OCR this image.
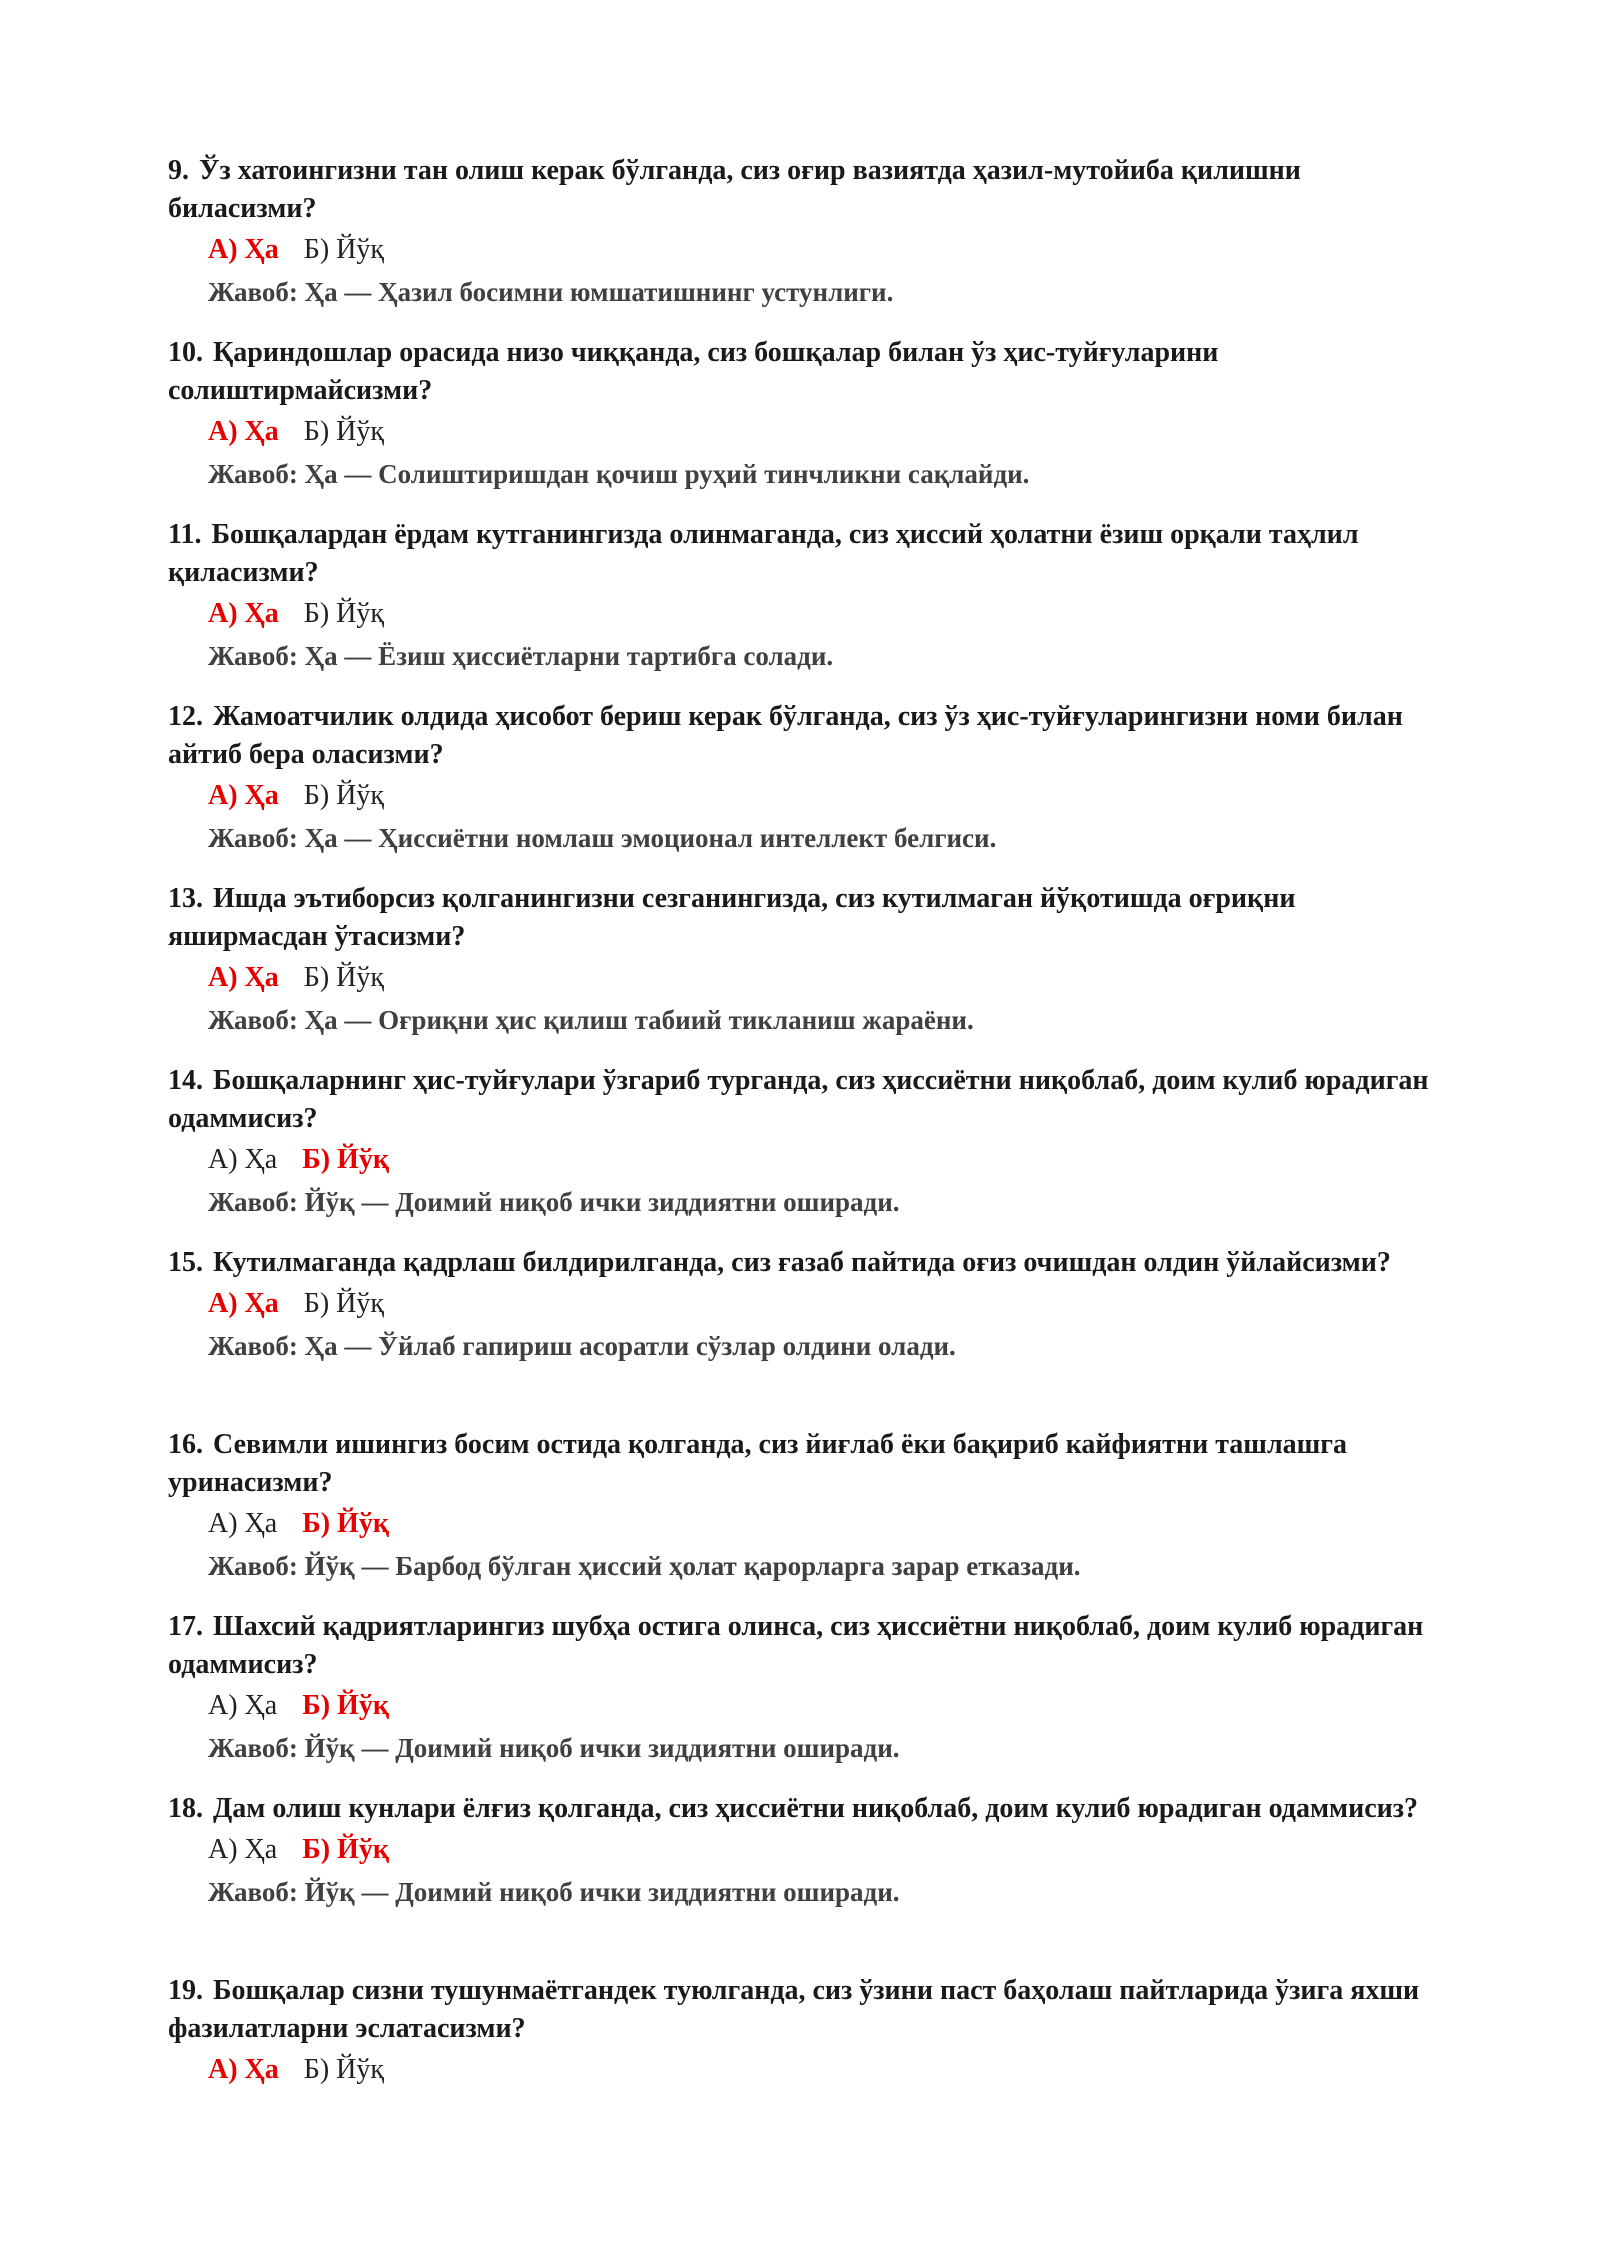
9. Ўз хатоингизни тан олиш керак бўлганда, сиз оғир вазиятда ҳазил-мутойиба қилишни биласизми?

А) Ҳа Б) Йўқ
Жавоб: Ҳа — Ҳазил босимни юмшатишнинг устунлиги.

10. Қариндошлар орасида низо чиққанда, сиз бошқалар билан ўз ҳис-туйғуларини солиштирмайсизми?

А) Ҳа Б) Йўқ
Жавоб: Ҳа — Солиштиришдан қочиш руҳий тинчликни сақлайди.

11. Бошқалардан ёрдам кутганингизда олинмаганда, сиз ҳиссий ҳолатни ёзиш орқали таҳлил қиласизми?

А) Ҳа Б) Йўқ
Жавоб: Ҳа — Ёзиш ҳиссиётларни тартибга солади.

12. Жамоатчилик олдида ҳисобот бериш керак бўлганда, сиз ўз ҳис-туйғуларингизни номи билан айтиб бера оласизми?

А) Ҳа Б) Йўқ
Жавоб: Ҳа — Ҳиссиётни номлаш эмоционал интеллект белгиси.

13. Ишда эътиборсиз қолганингизни сезганингизда, сиз кутилмаган йўқотишда оғриқни яширмасдан ўтасизми?

А) Ҳа Б) Йўқ
Жавоб: Ҳа — Оғриқни ҳис қилиш табиий тикланиш жараёни.

14. Бошқаларнинг ҳис-туйғулари ўзгариб турганда, сиз ҳиссиётни ниқоблаб, доим кулиб юрадиган одаммисиз?

А) Ҳа Б) Йўқ
Жавоб: Йўқ — Доимий ниқоб ички зиддиятни оширади.

15. Кутилмаганда қадрлаш билдирилганда, сиз ғазаб пайтида оғиз очишдан олдин ўйлайсизми?

А) Ҳа Б) Йўқ
Жавоб: Ҳа — Ўйлаб гапириш асоратли сўзлар олдини олади.

16. Севимли ишингиз босим остида қолганда, сиз йиғлаб ёки бақириб кайфиятни ташлашга уринасизми?

А) Ҳа Б) Йўқ
Жавоб: Йўқ — Барбод бўлган ҳиссий ҳолат қарорларга зарар етказади.

17. Шахсий қадриятларингиз шубҳа остига олинса, сиз ҳиссиётни ниқоблаб, доим кулиб юрадиган одаммисиз?

А) Ҳа Б) Йўқ
Жавоб: Йўқ — Доимий ниқоб ички зиддиятни оширади.

18. Дам олиш кунлари ёлғиз қолганда, сиз ҳиссиётни ниқоблаб, доим кулиб юрадиган одаммисиз?

А) Ҳа Б) Йўқ
Жавоб: Йўқ — Доимий ниқоб ички зиддиятни оширади.

19. Бошқалар сизни тушунмаётгандек туюлганда, сиз ўзини паст баҳолаш пайтларида ўзига яхши фазилатларни эслатасизми?

А) Ҳа Б) Йўқ
